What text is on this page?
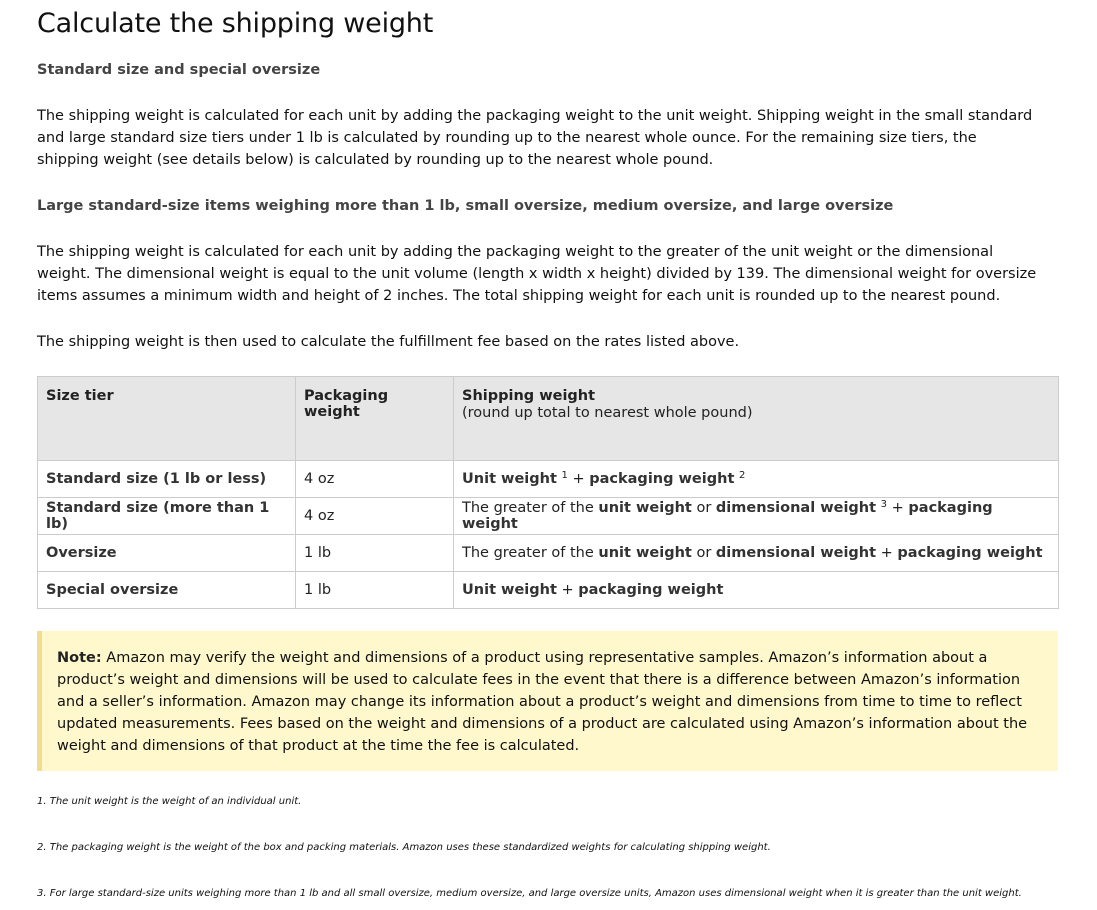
Calculate the shipping weight

Standard size and special oversize

The shipping weight is calculated for each unit by adding the packaging weight to the unit weight. Shipping weight in the small standard and large standard size tiers under 1 lb is calculated by rounding up to the nearest whole ounce. For the remaining size tiers, the shipping weight (see details below) is calculated by rounding up to the nearest whole pound.

Large standard-size items weighing more than 1 lb, small oversize, medium oversize, and large oversize

The shipping weight is calculated for each unit by adding the packaging weight to the greater of the unit weight or the dimensional weight. The dimensional weight is equal to the unit volume (length x width x height) divided by 139. The dimensional weight for oversize items assumes a minimum width and height of 2 inches. The total shipping weight for each unit is rounded up to the nearest pound.

The shipping weight is then used to calculate the fulfillment fee based on the rates listed above.

Size tier	Packaging weight	Shipping weight
(round up total to nearest whole pound)

Standard size (1 lb or less)	4 oz	Unit weight $^1$ + packaging weight $^2$
Standard size (more than 1 lb)	4 oz	The greater of the unit weight or dimensional weight $^3$ + packaging weight
Oversize	1 lb	The greater of the unit weight or dimensional weight + packaging weight
Special oversize	1 lb	Unit weight + packaging weight
Note: Amazon may verify the weight and dimensions of a product using representative samples. Amazon’s information about a product’s weight and dimensions will be used to calculate fees in the event that there is a difference between Amazon’s information and a seller’s information. Amazon may change its information about a product’s weight and dimensions from time to time to reflect updated measurements. Fees based on the weight and dimensions of a product are calculated using Amazon’s information about the weight and dimensions of that product at the time the fee is calculated.

1. The unit weight is the weight of an individual unit.

2. The packaging weight is the weight of the box and packing materials. Amazon uses these standardized weights for calculating shipping weight.

3. For large standard-size units weighing more than 1 lb and all small oversize, medium oversize, and large oversize units, Amazon uses dimensional weight when it is greater than the unit weight.
